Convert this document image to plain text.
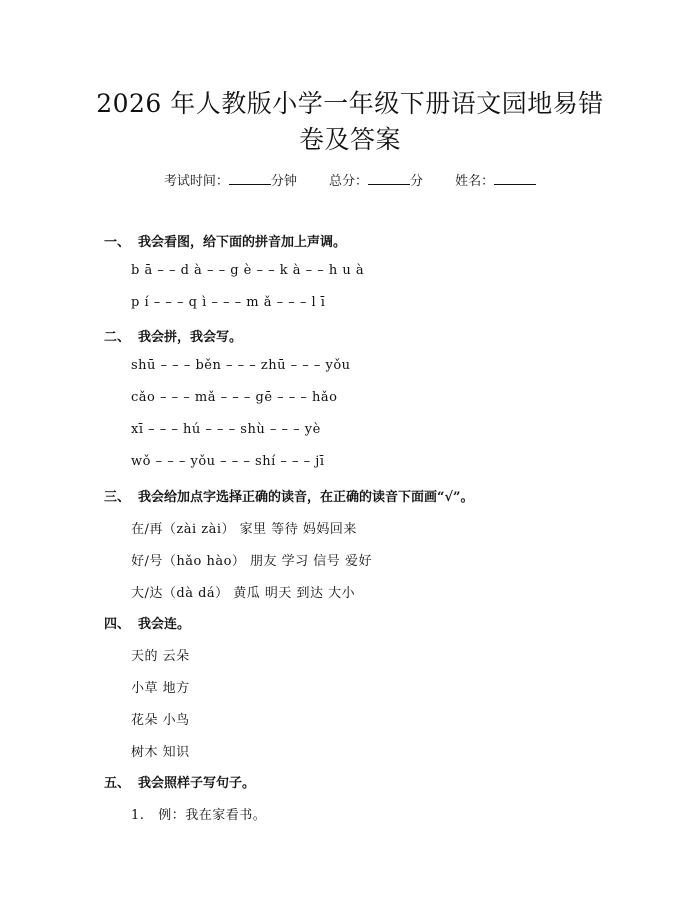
2026 年人教版小学一年级下册语文园地易错
卷及答案
考试时间：	分钟 总分：	分 姓名：
一、 我会看图，给下面的拼音加上声调。
b ā – – d à – – g è – – k à – – h u à
p í – – – q ì – – – m ǎ – – – l ī
二、 我会拼，我会写。
shū – – – běn – – – zhū – – – yǒu
cǎo – – – mǎ – – – gē – – – hǎo
xī – – – hú – – – shù – – – yè
wǒ – – – yǒu – – – shí – – – jī
三、 我会给加点字选择正确的读音，在正确的读音下面画“√”。
在/再（zài zài） 家里 等待 妈妈回来
好/号（hǎo hào） 朋友 学习 信号 爱好
大/达（dà dá） 黄瓜 明天 到达 大小
四、 我会连。
天的 云朵
小草 地方
花朵 小鸟
树木 知识
五、 我会照样子写句子。
1.   例：我在家看书。
